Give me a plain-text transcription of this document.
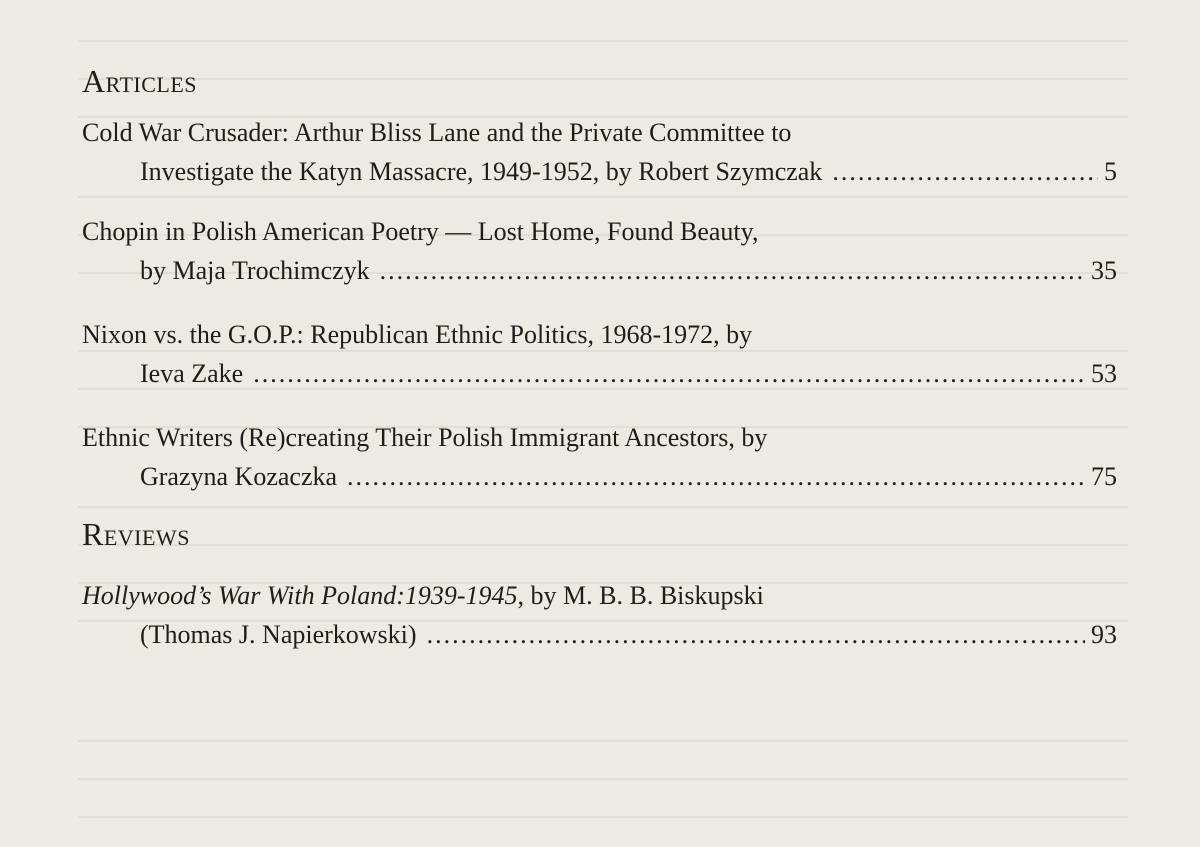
Articles
Cold War Crusader: Arthur Bliss Lane and the Private Committee to
Investigate the Katyn Massacre, 1949-1952, by Robert Szymczak .....	5
Chopin in Polish American Poetry — Lost Home, Found Beauty,
by Maja Trochimczyk .....	35
Nixon vs. the G.O.P.: Republican Ethnic Politics, 1968-1972, by
Ieva Zake .....	53
Ethnic Writers (Re)creating Their Polish Immigrant Ancestors, by
Grazyna Kozaczka .....	75
Reviews
Hollywood’s War With Poland:1939-1945, by M. B. B. Biskupski
(Thomas J. Napierkowski) .....	93
